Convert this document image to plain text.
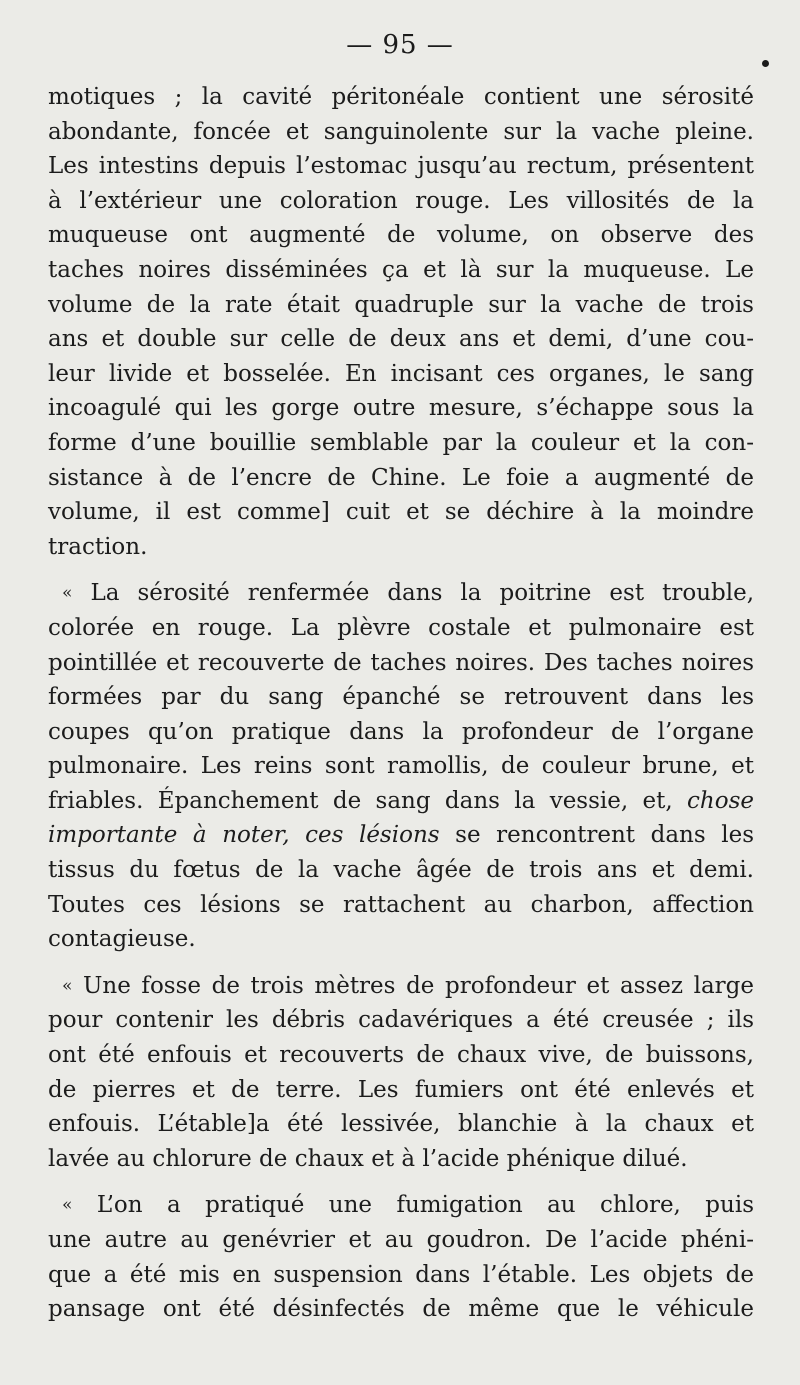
— 95 —

motiques ; la cavité péritonéale contient une sérosité
abondante, foncée et sanguinolente sur la vache pleine.
Les intestins depuis l’estomac jusqu’au rectum, présentent
à l’extérieur une coloration rouge. Les villosités de la
muqueuse ont augmenté de volume, on observe des
taches noires disséminées ça et là sur la muqueuse. Le
volume de la rate était quadruple sur la vache de trois
ans et double sur celle de deux ans et demi, d’une cou-
leur livide et bosselée. En incisant ces organes, le sang
incoagulé qui les gorge outre mesure, s’échappe sous la
forme d’une bouillie semblable par la couleur et la con-
sistance à de l’encre de Chine. Le foie a augmenté de
volume, il est comme] cuit et se déchire à la moindre
traction.

« La sérosité renfermée dans la poitrine est trouble,
colorée en rouge. La plèvre costale et pulmonaire est
pointillée et recouverte de taches noires. Des taches noires
formées par du sang épanché se retrouvent dans les
coupes qu’on pratique dans la profondeur de l’organe
pulmonaire. Les reins sont ramollis, de couleur brune, et
friables. Épanchement de sang dans la vessie, et, chose
importante à noter, ces lésions se rencontrent dans les
tissus du fœtus de la vache âgée de trois ans et demi.
Toutes ces lésions se rattachent au charbon, affection
contagieuse.

« Une fosse de trois mètres de profondeur et assez large
pour contenir les débris cadavériques a été creusée ; ils
ont été enfouis et recouverts de chaux vive, de buissons,
de pierres et de terre. Les fumiers ont été enlevés et
enfouis. L’étable]a été lessivée, blanchie à la chaux et
lavée au chlorure de chaux et à l’acide phénique dilué.

« L’on a pratiqué une fumigation au chlore, puis
une autre au genévrier et au goudron. De l’acide phéni-
que a été mis en suspension dans l’étable. Les objets de
pansage ont été désinfectés de même que le véhicule
